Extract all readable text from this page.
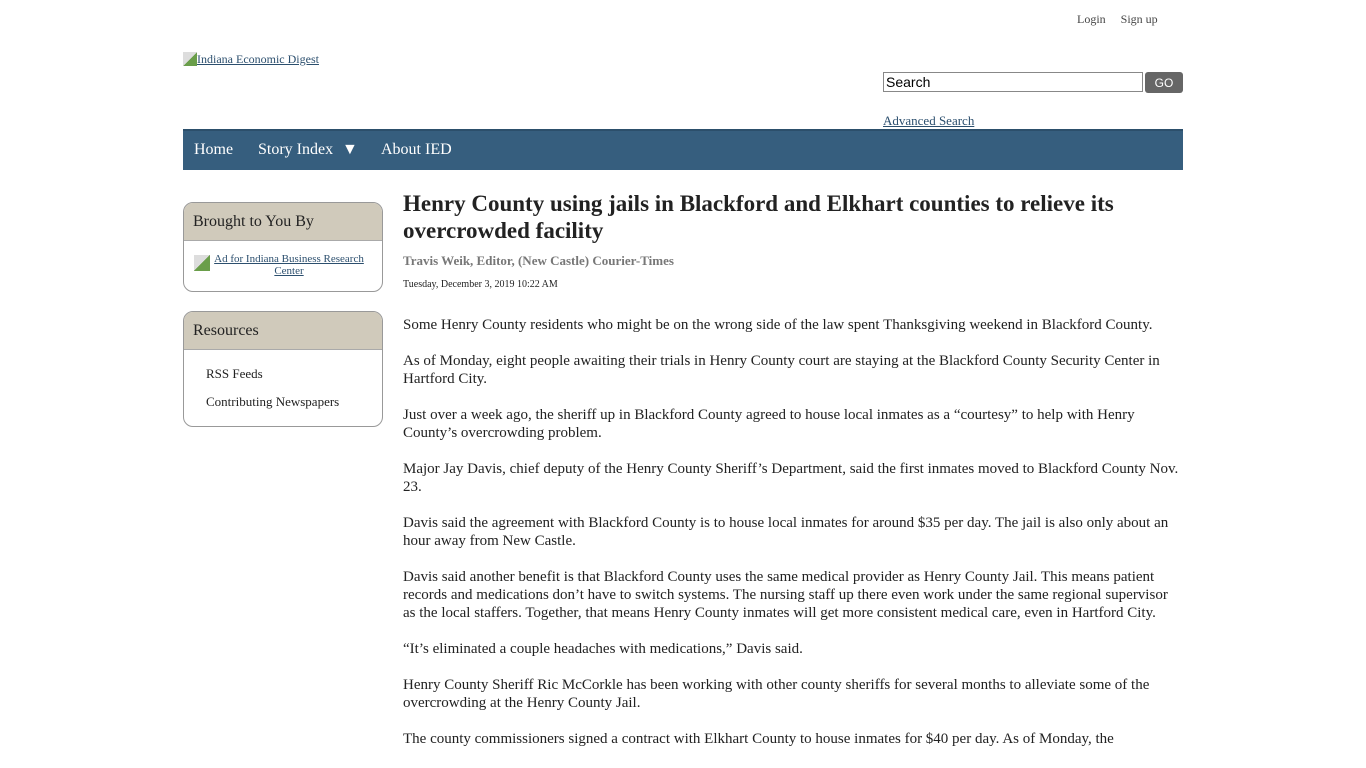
Login Sign up
Indiana Economic Digest
Search
GO
Advanced Search
Home Story Index ▼ About IED
Brought to You By
Ad for Indiana Business Research Center
Resources
RSS Feeds
Contributing Newspapers
Henry County using jails in Blackford and Elkhart counties to relieve its overcrowded facility
Travis Weik, Editor, (New Castle) Courier-Times
Tuesday, December 3, 2019 10:22 AM

Some Henry County residents who might be on the wrong side of the law spent Thanksgiving weekend in Blackford County.

As of Monday, eight people awaiting their trials in Henry County court are staying at the Blackford County Security Center in Hartford City.

Just over a week ago, the sheriff up in Blackford County agreed to house local inmates as a “courtesy” to help with Henry County’s overcrowding problem.

Major Jay Davis, chief deputy of the Henry County Sheriff’s Department, said the first inmates moved to Blackford County Nov. 23.

Davis said the agreement with Blackford County is to house local inmates for around $35 per day. The jail is also only about an hour away from New Castle.

Davis said another benefit is that Blackford County uses the same medical provider as Henry County Jail. This means patient records and medications don’t have to switch systems. The nursing staff up there even work under the same regional supervisor as the local staffers. Together, that means Henry County inmates will get more consistent medical care, even in Hartford City.

“It’s eliminated a couple headaches with medications,” Davis said.

Henry County Sheriff Ric McCorkle has been working with other county sheriffs for several months to alleviate some of the overcrowding at the Henry County Jail.

The county commissioners signed a contract with Elkhart County to house inmates for $40 per day. As of Monday, the
